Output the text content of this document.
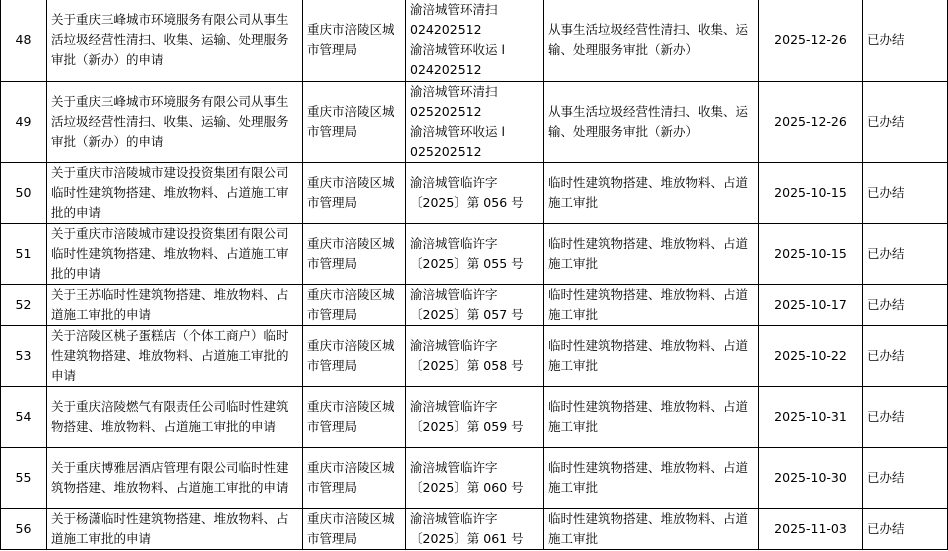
48	关于重庆三峰城市环境服务有限公司从事生活垃圾经营性清扫、收集、运输、处理服务审批（新办）的申请	重庆市涪陵区城市管理局	渝涪城管环清扫
024202512
渝涪城管环收运 l
024202512	从事生活垃圾经营性清扫、收集、运输、处理服务审批（新办）	2025-12-26	已办结
49	关于重庆三峰城市环境服务有限公司从事生活垃圾经营性清扫、收集、运输、处理服务审批（新办）的申请	重庆市涪陵区城市管理局	渝涪城管环清扫
025202512
渝涪城管环收运 l
025202512	从事生活垃圾经营性清扫、收集、运输、处理服务审批（新办）	2025-12-26	已办结
50	关于重庆市涪陵城市建设投资集团有限公司临时性建筑物搭建、堆放物料、占道施工审批的申请	重庆市涪陵区城市管理局	渝涪城管临许字
〔2025〕第 056 号	临时性建筑物搭建、堆放物料、占道施工审批	2025-10-15	已办结
51	关于重庆市涪陵城市建设投资集团有限公司临时性建筑物搭建、堆放物料、占道施工审批的申请	重庆市涪陵区城市管理局	渝涪城管临许字
〔2025〕第 055 号	临时性建筑物搭建、堆放物料、占道施工审批	2025-10-15	已办结
52	关于王苏临时性建筑物搭建、堆放物料、占道施工审批的申请	重庆市涪陵区城市管理局	渝涪城管临许字
〔2025〕第 057 号	临时性建筑物搭建、堆放物料、占道施工审批	2025-10-17	已办结
53	关于涪陵区桃子蛋糕店（个体工商户）临时性建筑物搭建、堆放物料、占道施工审批的申请	重庆市涪陵区城市管理局	渝涪城管临许字
〔2025〕第 058 号	临时性建筑物搭建、堆放物料、占道施工审批	2025-10-22	已办结
54	关于重庆涪陵燃气有限责任公司临时性建筑物搭建、堆放物料、占道施工审批的申请	重庆市涪陵区城市管理局	渝涪城管临许字
〔2025〕第 059 号	临时性建筑物搭建、堆放物料、占道施工审批	2025-10-31	已办结
55	关于重庆博雅居酒店管理有限公司临时性建筑物搭建、堆放物料、占道施工审批的申请	重庆市涪陵区城市管理局	渝涪城管临许字
〔2025〕第 060 号	临时性建筑物搭建、堆放物料、占道施工审批	2025-10-30	已办结
56	关于杨潇临时性建筑物搭建、堆放物料、占道施工审批的申请	重庆市涪陵区城市管理局	渝涪城管临许字
〔2025〕第 061 号	临时性建筑物搭建、堆放物料、占道施工审批	2025-11-03	已办结
